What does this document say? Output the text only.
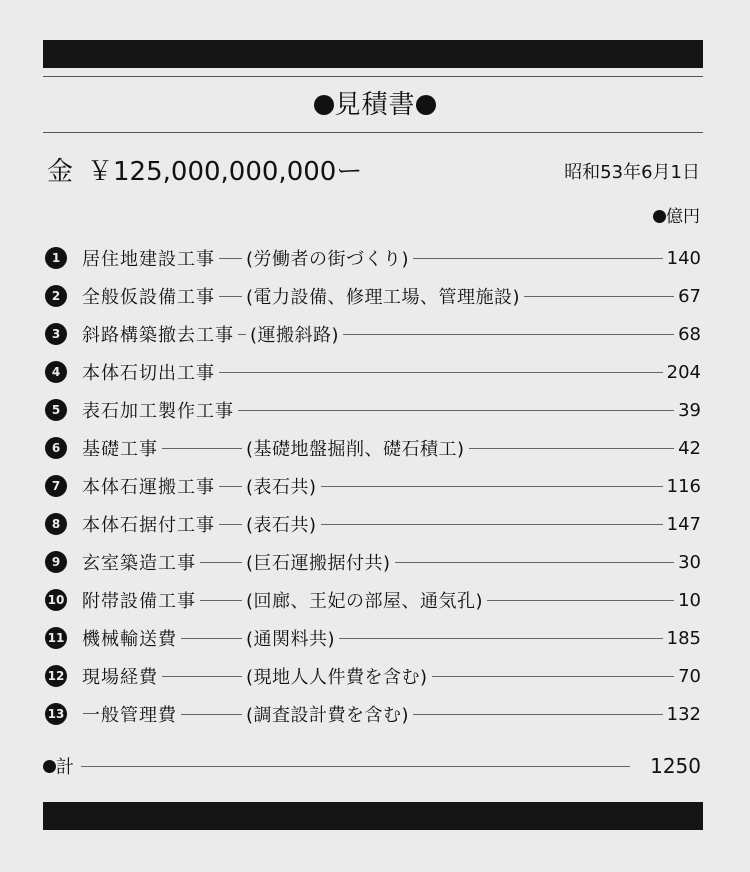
見積書
金 ￥125,000,000,000ー	昭和53年6月1日
億円
1	居住地建設工事 (労働者の街づくり)	140
2	全般仮設備工事 (電力設備、修理工場、管理施設)	67
3	斜路構築撤去工事 (運搬斜路)	68
4	本体石切出工事	204
5	表石加工製作工事	39
6	基礎工事	(基礎地盤掘削、礎石積工)	42
7	本体石運搬工事 (表石共)	116
8	本体石据付工事 (表石共)	147
9	玄室築造工事	(巨石運搬据付共)	30
10 附帯設備工事	(回廊、王妃の部屋、通気孔)	10
11 機械輸送費	(通関料共)	185
12 現場経費	(現地人人件費を含む)	70
13 一般管理費	(調査設計費を含む)	132
計	1250
